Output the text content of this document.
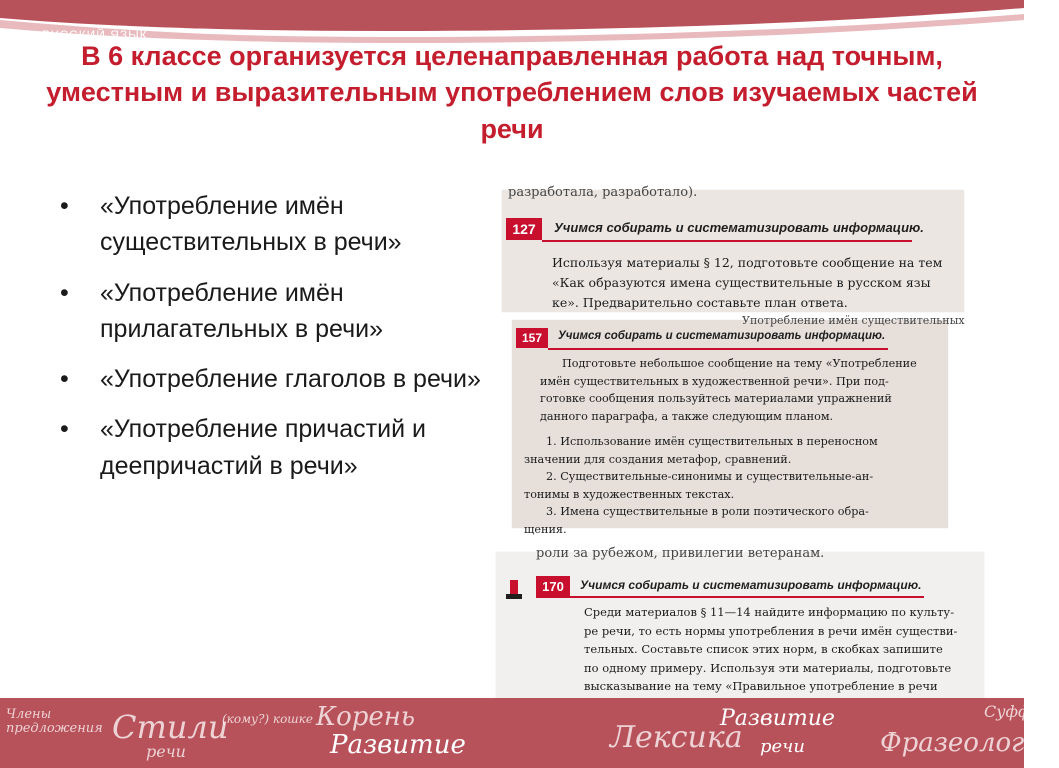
РУССКИЙ ЯЗЫК
В 6 классе организуется целенаправленная работа над точным, уместным и выразительным употреблением слов изучаемых частей речи
• «Употребление имён существительных в речи»
• «Употребление имён прилагательных в речи»
• «Употребление глаголов в речи»
• «Употребление причастий и деепричастий в речи»
разработала, разработало).
127	Учимся собирать и систематизировать информацию.
Используя материалы § 12, подготовьте сообщение на тем
«Как образуются имена существительные в русском язы
ке». Предварительно составьте план ответа.
Употребление имён существительных
157	Учимся собирать и систематизировать информацию.
Подготовьте небольшое сообщение на тему «Употребление
имён существительных в художественной речи». При под-
готовке сообщения пользуйтесь материалами упражнений
данного параграфа, а также следующим планом.
1. Использование имён существительных в переносном
значении для создания метафор, сравнений.
2. Существительные-синонимы и существительные-ан-
тонимы в художественных текстах.
3. Имена существительные в роли поэтического обра-
щения.
роли за рубежом, привилегии ветеранам.
170	Учимся собирать и систематизировать информацию.
Среди материалов § 11—14 найдите информацию по культу-
ре речи, то есть нормы употребления в речи имён существи-
тельных. Составьте список этих норм, в скобках запишите
по одному примеру. Используя эти материалы, подготовьте
высказывание на тему «Правильное употребление в речи
Члены предложения Стили
речи
Корень
Развитие
(кому?) кошке
Лексика
Развитие
речи	Фразеология
Суффикс
